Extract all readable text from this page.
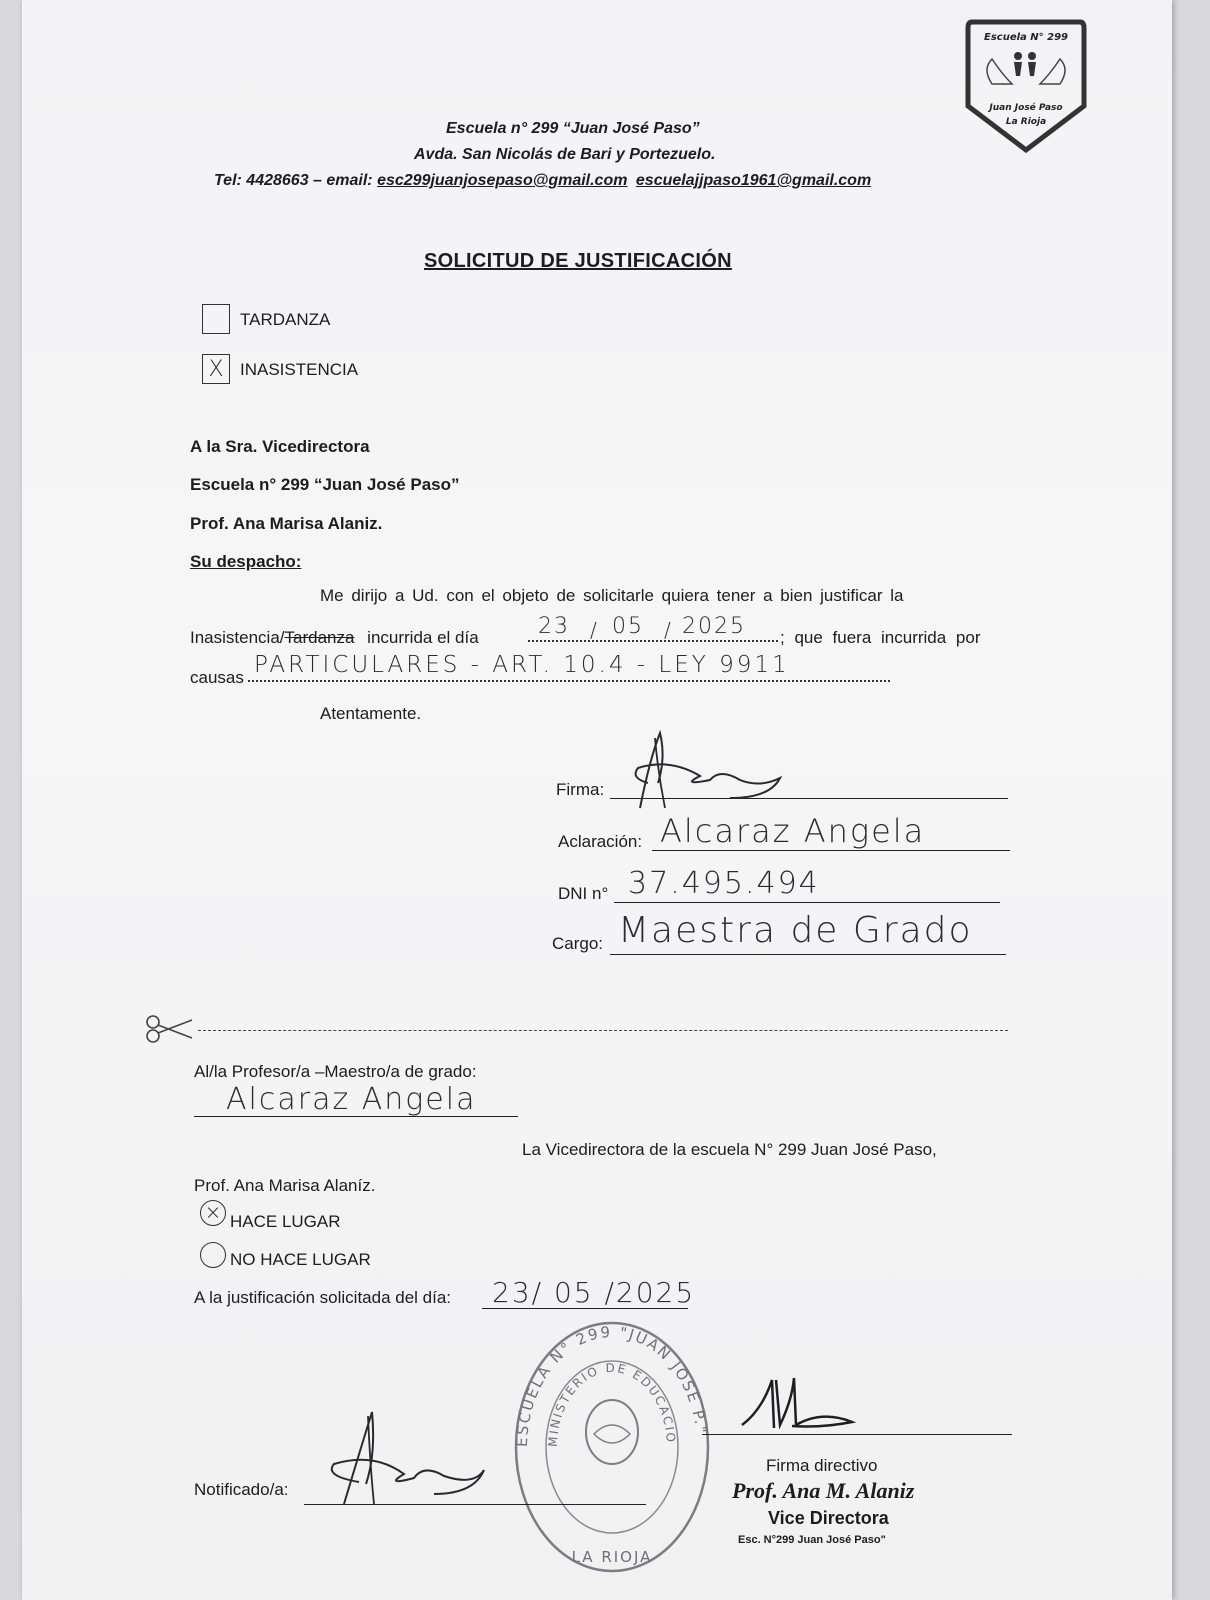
Escuela N° 299
Juan José Paso
La Rioja
Escuela n° 299 “Juan José Paso”
Avda. San Nicolás de Bari y Portezuelo.
Tel: 4428663 – email: esc299juanjosepaso@gmail.com escuelajjpaso1961@gmail.com
SOLICITUD DE JUSTIFICACIÓN
TARDANZA
X INASISTENCIA
A la Sra. Vicedirectora
Escuela n° 299 “Juan José Paso”
Prof. Ana Marisa Alaniz.
Su despacho:
Me dirijo a Ud. con el objeto de solicitarle quiera tener a bien justificar la
Inasistencia/Tardanza incurrida el día	23 / 05 / 2025 ; que fuera incurrida por
causas PARTICULARES - ART. 10.4 - LEY 9911
Atentamente.
Firma:
Aclaración: Alcaraz Angela
DNI n° 37.495.494
Cargo: Maestra de Grado
Al/la Profesor/a –Maestro/a de grado:
Alcaraz Angela
La Vicedirectora de la escuela N° 299 Juan José Paso,
Prof. Ana Marisa Alaníz.
× HACE LUGAR
NO HACE LUGAR
A la justificación solicitada del día: 23/ 05 /2025
ESCUELA N° 299 "JUAN JOSE P."
MINISTERIO DE EDUCACIO
LA RIOJA
Firma directivo
Prof. Ana M. Alaniz
Vice Directora
Esc. N°299 Juan José Paso"
Notificado/a:
